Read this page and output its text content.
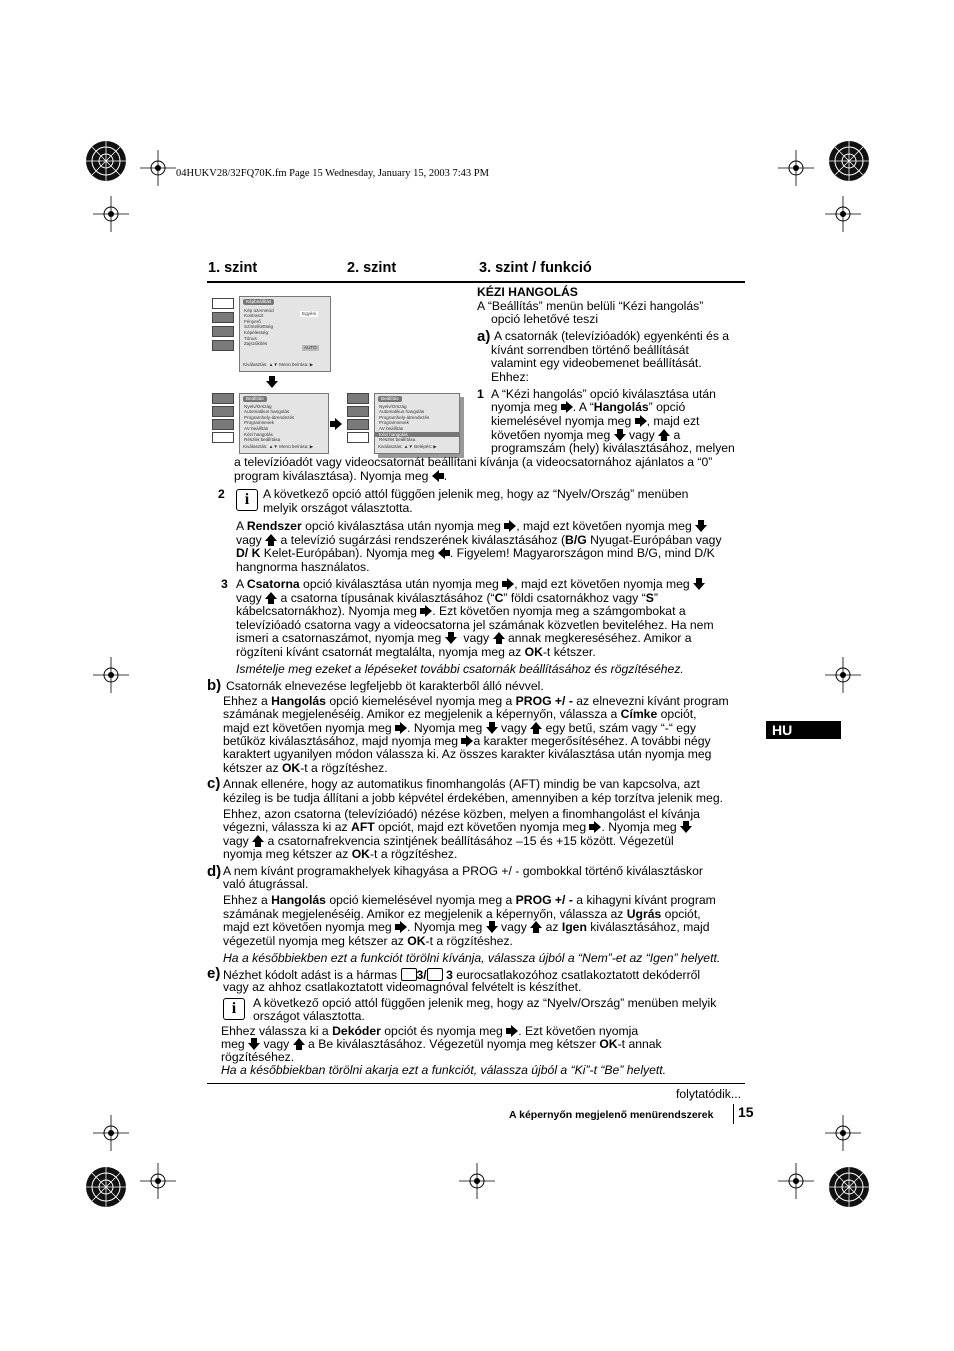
04HUKV28/32FQ70K.fm Page 15 Wednesday, January 15, 2003 7:43 PM
1. szint	2. szint	3. szint / funkció
Képbeállítás
Kép üzemmód
Kontraszt
Fényerő
Színtelítettség
Képélesség
Tónus
Zajszűkítés
Egyéni
AUTO
Kiválasztás: ▲▼ Menü beírása: ▶
Beállítás
Nyelv/Ország
Automatikus hangolás
Programhely-átrendezés
Programnevek
AV beállítás
Kézi hangolás
Részlet beállítása
Kiválasztás: ▲▼ Menü beírása: ▶
Beállítás
Nyelv/Ország
Automatikus hangolás
Programhely-átrendezés
Programnevek
AV beállítás
Kézi hangolás
Részlet beállítása
Kiválasztás: ▲▼ Belépés: ▶
KÉZI HANGOLÁS
A “Beállítás” menün belüli “Kézi hangolás”
opció lehetővé teszi
a) A csatornák (televízióadók) egyenkénti és a
kívánt sorrendben történő beállítását
valamint egy videobemenet beállítását.
Ehhez:
1 A “Kézi hangolás” opció kiválasztása után
nyomja meg . A “Hangolás” opció
kiemelésével nyomja meg , majd ezt
követően nyomja meg vagy a
programszám (hely) kiválasztásához, melyen
a televízióadót vagy videocsatornát beállítani kívánja (a videocsatornához ajánlatos a “0”
program kiválasztása). Nyomja meg .
2	i	A következő opció attól függően jelenik meg, hogy az “Nyelv/Ország” menüben
melyik országot választotta.
A Rendszer opció kiválasztása után nyomja meg , majd ezt követően nyomja meg
vagy a televízió sugárzási rendszerének kiválasztásához (B/G Nyugat-Európában vagy
D/ K Kelet-Európában). Nyomja meg . Figyelem! Magyarországon mind B/G, mind D/K
hangnorma használatos.
3 A Csatorna opció kiválasztása után nyomja meg , majd ezt követően nyomja meg
vagy a csatorna típusának kiválasztásához (“C” földi csatornákhoz vagy “S”
kábelcsatornákhoz). Nyomja meg . Ezt követően nyomja meg a számgombokat a
televízióadó csatorna vagy a videocsatorna jel számának közvetlen beviteléhez. Ha nem
ismeri a csatornaszámot, nyomja meg vagy annak megkereséséhez. Amikor a
rögzíteni kívánt csatornát megtalálta, nyomja meg az OK-t kétszer.
Ismételje meg ezeket a lépéseket további csatornák beállításához és rögzítéséhez.
b) Csatornák elnevezése legfeljebb öt karakterből álló névvel.
Ehhez a Hangolás opció kiemelésével nyomja meg a PROG +/ - az elnevezni kívánt program
számának megjelenéséig. Amikor ez megjelenik a képernyőn, válassza a Címke opciót,
majd ezt követően nyomja meg . Nyomja meg vagy egy betű, szám vagy “-“ egy
betűköz kiválasztásához, majd nyomja meg a karakter megerősítéséhez. A további négy
karaktert ugyanilyen módon válassza ki. Az összes karakter kiválasztása után nyomja meg
kétszer az OK-t a rögzítéshez.
HU
c) Annak ellenére, hogy az automatikus finomhangolás (AFT) mindig be van kapcsolva, azt
kézileg is be tudja állítani a jobb képvétel érdekében, amennyiben a kép torzítva jelenik meg.
Ehhez, azon csatorna (televízióadó) nézése közben, melyen a finomhangolást el kívánja
végezni, válassza ki az AFT opciót, majd ezt követően nyomja meg . Nyomja meg
vagy a csatornafrekvencia szintjének beállításához –15 és +15 között. Végezetül
nyomja meg kétszer az OK-t a rögzítéshez.
d) A nem kívánt programakhelyek kihagyása a PROG +/ - gombokkal történő kiválasztáskor
való átugrással.
Ehhez a Hangolás opció kiemelésével nyomja meg a PROG +/ - a kihagyni kívánt program
számának megjelenéséig. Amikor ez megjelenik a képernyőn, válassza az Ugrás opciót,
majd ezt követően nyomja meg . Nyomja meg vagy az Igen kiválasztásához, majd
végezetül nyomja meg kétszer az OK-t a rögzítéshez.
Ha a későbbiekben ezt a funkciót törölni kívánja, válassza újból a “Nem”-et az “Igen” helyett.
e) Nézhet kódolt adást is a hármas 3/ 3 eurocsatlakozóhoz csatlakoztatott dekóderről
vagy az ahhoz csatlakoztatott videomagnóval felvételt is készíthet.
i	A következő opció attól függően jelenik meg, hogy az “Nyelv/Ország” menüben melyik
országot választotta.
Ehhez válassza ki a Dekóder opciót és nyomja meg . Ezt követően nyomja
meg vagy a Be kiválasztásához. Végezetül nyomja meg kétszer OK-t annak
rögzítéséhez.
Ha a későbbiekban törölni akarja ezt a funkciót, válassza újból a “Ki”-t “Be” helyett.
folytatódik...
A képernyőn megjelenő menürendszerek 15
